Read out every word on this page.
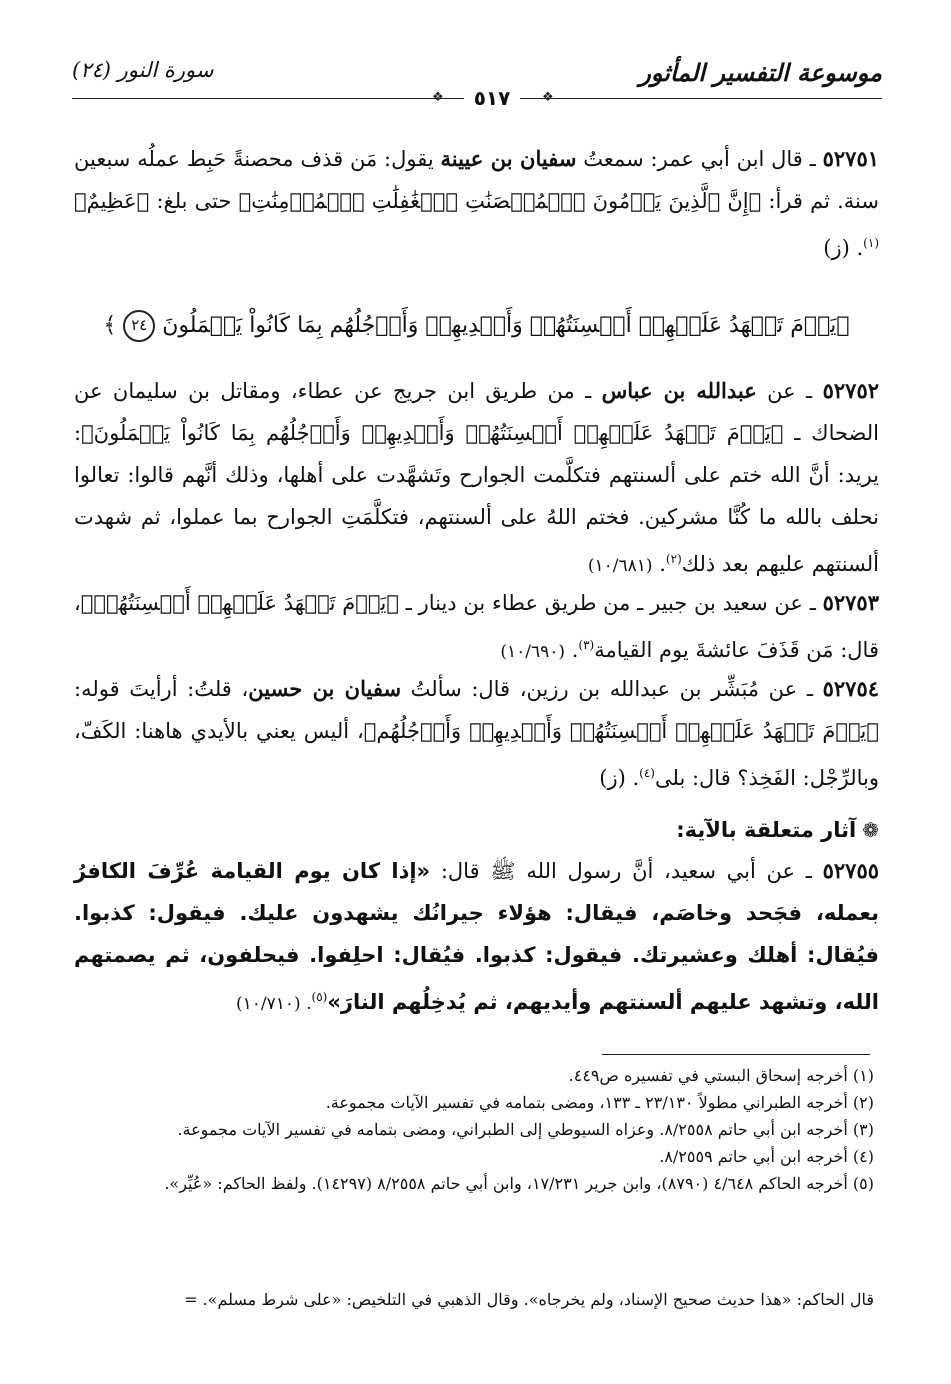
موسوعة التفسير المأثور
سورة النور (٢٤)
❖	❖
٥١٧
٥٢٧٥١ ـ قال ابن أبي عمر: سمعتُ سفيان بن عيينة يقول: مَن قذف محصنةً حَبِط عملُه سبعين سنة. ثم قرأ: ﴿إِنَّ ٱلَّذِينَ يَرۡمُونَ ٱلۡمُحۡصَنَٰتِ ٱلۡغَٰفِلَٰتِ ٱلۡمُؤۡمِنَٰتِ﴾ حتى بلغ: ﴿عَظِيمٌ﴾$^{(١)}$. (ز)
﴿يَوۡمَ تَشۡهَدُ عَلَيۡهِمۡ أَلۡسِنَتُهُمۡ وَأَيۡدِيهِمۡ وَأَرۡجُلُهُم بِمَا كَانُواْ يَعۡمَلُونَ ٢٤ ﴾
٥٢٧٥٢ ـ عن عبدالله بن عباس ـ من طريق ابن جريج عن عطاء، ومقاتل بن سليمان عن الضحاك ـ ﴿يَوۡمَ تَشۡهَدُ عَلَيۡهِمۡ أَلۡسِنَتُهُمۡ وَأَيۡدِيهِمۡ وَأَرۡجُلُهُم بِمَا كَانُواْ يَعۡمَلُونَ﴾: يريد: أنَّ الله ختم على ألسنتهم فتكلَّمت الجوارح وتَشهَّدت على أهلها، وذلك أنَّهم قالوا: تعالوا نحلف بالله ما كُنَّا مشركين. فختم اللهُ على ألسنتهم، فتكلَّمَتِ الجوارح بما عملوا، ثم شهدت ألسنتهم عليهم بعد ذلك$^{(٢)}$. (١٠/٦٨١)
٥٢٧٥٣ ـ عن سعيد بن جبير ـ من طريق عطاء بن دينار ـ ﴿يَوۡمَ تَشۡهَدُ عَلَيۡهِمۡ أَلۡسِنَتُهُمۡ﴾، قال: مَن قَذَفَ عائشةَ يوم القيامة$^{(٣)}$. (١٠/٦٩٠)
٥٢٧٥٤ ـ عن مُبَشِّر بن عبدالله بن رزين، قال: سألتُ سفيان بن حسين، قلتُ: أرأيتَ قوله: ﴿يَوۡمَ تَشۡهَدُ عَلَيۡهِمۡ أَلۡسِنَتُهُمۡ وَأَيۡدِيهِمۡ وَأَرۡجُلُهُم﴾، أليس يعني بالأيدي هاهنا: الكَفّ، وبالرِّجْل: الفَخِذ؟ قال: بلى$^{(٤)}$. (ز)
❁آثار متعلقة بالآية:
٥٢٧٥٥ ـ عن أبي سعيد، أنَّ رسول الله ﷺ قال: «إذا كان يوم القيامة عُرِّفَ الكافرُ بعمله، فجَحد وخاصَم، فيقال: هؤلاء جيرانُك يشهدون عليك. فيقول: كذبوا. فيُقال: أهلك وعشيرتك. فيقول: كذبوا. فيُقال: احلِفوا. فيحلفون، ثم يصمتهم الله، وتشهد عليهم ألسنتهم وأيديهم، ثم يُدخِلُهم النارَ»$^{(٥)}$. (١٠/٧١٠)

(١) أخرجه إسحاق البستي في تفسيره ص٤٤٩.

(٢) أخرجه الطبراني مطولاً ٢٣/١٣٠ ـ ١٣٣، ومضى بتمامه في تفسير الآيات مجموعة.

(٣) أخرجه ابن أبي حاتم ٨/٢٥٥٨. وعزاه السيوطي إلى الطبراني، ومضى بتمامه في تفسير الآيات مجموعة.

(٤) أخرجه ابن أبي حاتم ٨/٢٥٥٩.

(٥) أخرجه الحاكم ٤/٦٤٨ (٨٧٩٠)، وابن جرير ١٧/٢٣١، وابن أبي حاتم ٨/٢٥٥٨ (١٤٢٩٧). ولفظ الحاكم: «عُيِّر».

قال الحاكم: «هذا حديث صحيح الإسناد، ولم يخرجاه». وقال الذهبي في التلخيص: «على شرط مسلم». =
